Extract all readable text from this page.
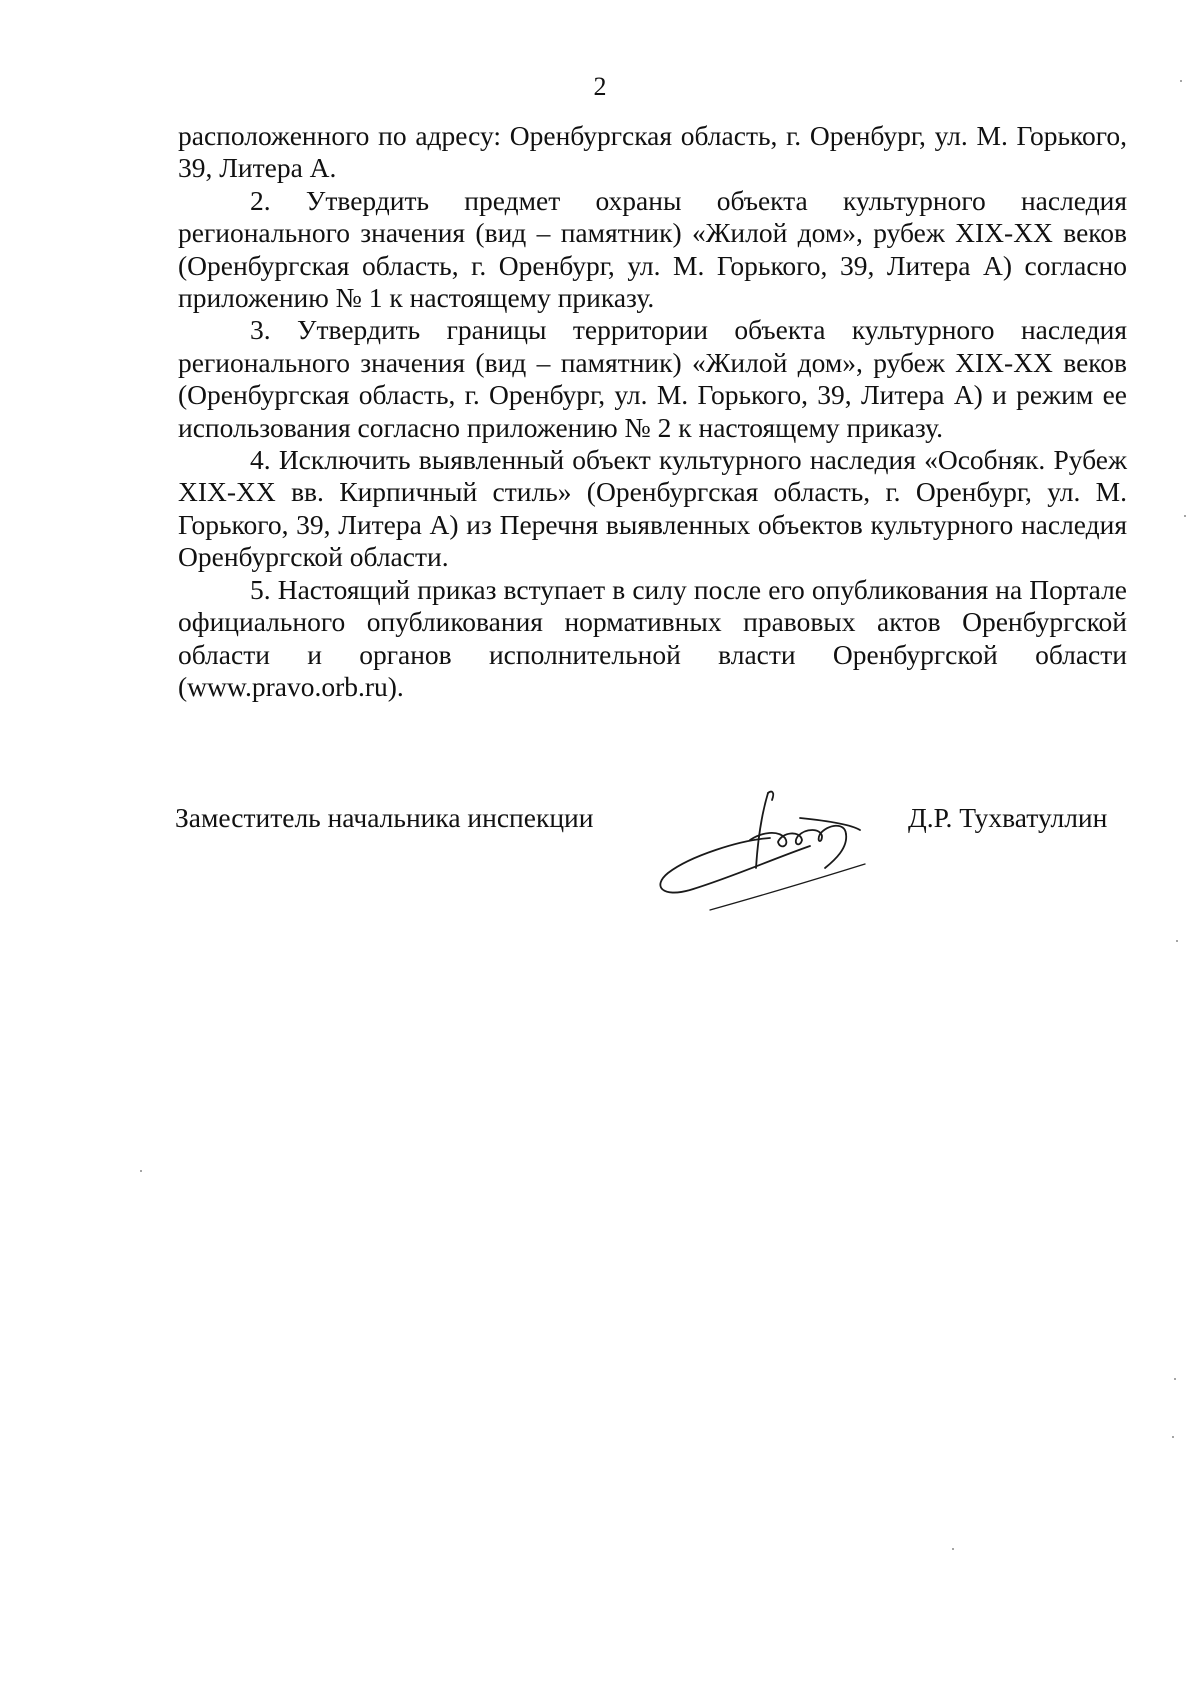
2

расположенного по адресу: Оренбургская область, г. Оренбург, ул. М. Горького, 39, Литера А.

2. Утвердить предмет охраны объекта культурного наследия регионального значения (вид – памятник) «Жилой дом», рубеж XIX-XX веков (Оренбургская область, г. Оренбург, ул. М. Горького, 39, Литера А) согласно приложению № 1 к настоящему приказу.

3. Утвердить границы территории объекта культурного наследия регионального значения (вид – памятник) «Жилой дом», рубеж XIX-XX веков (Оренбургская область, г. Оренбург, ул. М. Горького, 39, Литера А) и режим ее использования согласно приложению № 2 к настоящему приказу.

4. Исключить выявленный объект культурного наследия «Особняк. Рубеж XIX-XX вв. Кирпичный стиль» (Оренбургская область, г. Оренбург, ул. М. Горького, 39, Литера А) из Перечня выявленных объектов культурного наследия Оренбургской области.

5. Настоящий приказ вступает в силу после его опубликования на Портале официального опубликования нормативных правовых актов Оренбургской области и органов исполнительной власти Оренбургской области (www.pravo.orb.ru).

Заместитель начальника инспекции	Д.Р. Тухватуллин
